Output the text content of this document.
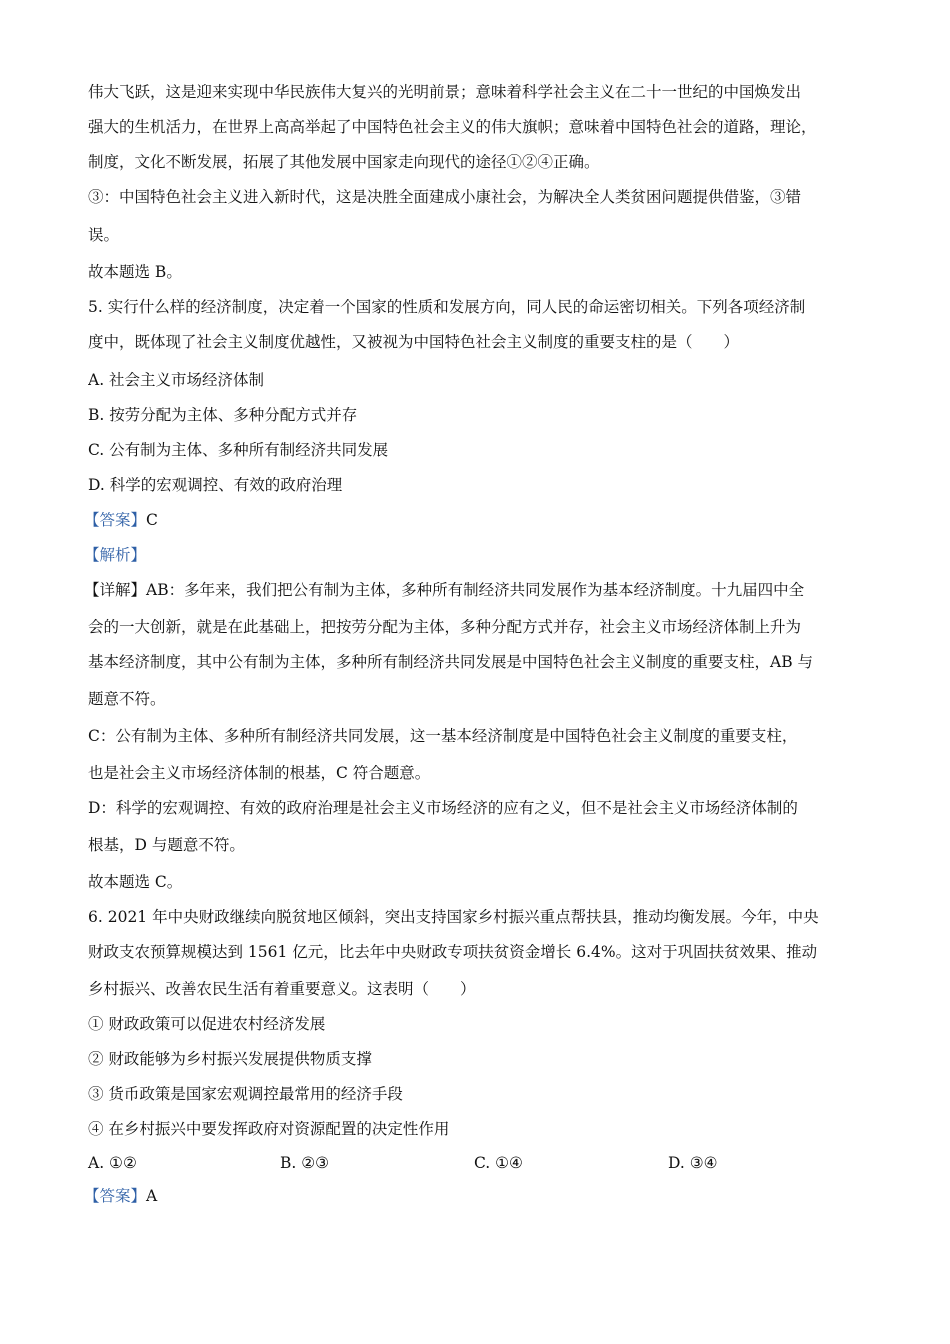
伟大飞跃，这是迎来实现中华民族伟大复兴的光明前景；意味着科学社会主义在二十一世纪的中国焕发出
强大的生机活力，在世界上高高举起了中国特色社会主义的伟大旗帜；意味着中国特色社会的道路，理论，
制度，文化不断发展，拓展了其他发展中国家走向现代的途径①②④正确。
③：中国特色社会主义进入新时代，这是决胜全面建成小康社会，为解决全人类贫困问题提供借鉴，③错
误。
故本题选 B。
5. 实行什么样的经济制度，决定着一个国家的性质和发展方向，同人民的命运密切相关。下列各项经济制
度中，既体现了社会主义制度优越性，又被视为中国特色社会主义制度的重要支柱的是（　　）
A. 社会主义市场经济体制
B. 按劳分配为主体、多种分配方式并存
C. 公有制为主体、多种所有制经济共同发展
D. 科学的宏观调控、有效的政府治理
【答案】C
【解析】
【详解】AB：多年来，我们把公有制为主体，多种所有制经济共同发展作为基本经济制度。十九届四中全
会的一大创新，就是在此基础上，把按劳分配为主体，多种分配方式并存，社会主义市场经济体制上升为
基本经济制度，其中公有制为主体，多种所有制经济共同发展是中国特色社会主义制度的重要支柱，AB 与
题意不符。
C：公有制为主体、多种所有制经济共同发展，这一基本经济制度是中国特色社会主义制度的重要支柱，
也是社会主义市场经济体制的根基，C 符合题意。
D：科学的宏观调控、有效的政府治理是社会主义市场经济的应有之义，但不是社会主义市场经济体制的
根基，D 与题意不符。
故本题选 C。
6. 2021 年中央财政继续向脱贫地区倾斜，突出支持国家乡村振兴重点帮扶县，推动均衡发展。今年，中央
财政支农预算规模达到 1561 亿元，比去年中央财政专项扶贫资金增长 6.4%。这对于巩固扶贫效果、推动
乡村振兴、改善农民生活有着重要意义。这表明（　　）
① 财政政策可以促进农村经济发展
② 财政能够为乡村振兴发展提供物质支撑
③ 货币政策是国家宏观调控最常用的经济手段
④ 在乡村振兴中要发挥政府对资源配置的决定性作用
A. ①②	B. ②③	C. ①④	D. ③④
【答案】A
